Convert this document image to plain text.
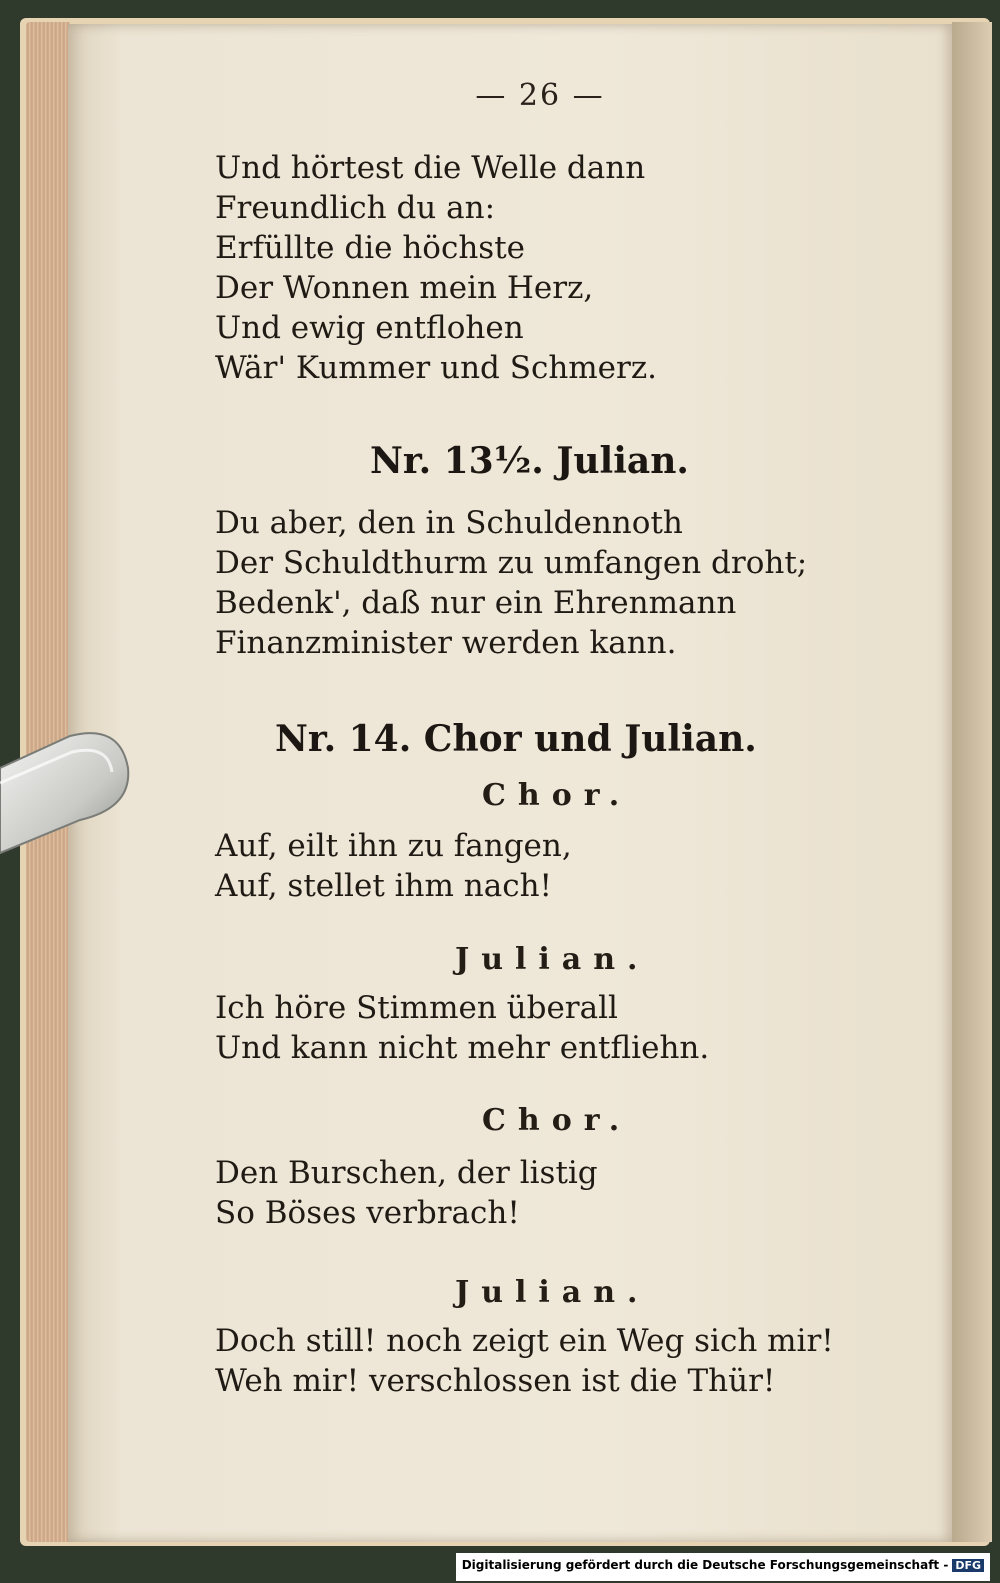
— 26 —
Und hörtest die Welle dann
Freundlich du an:
Erfüllte die höchste
Der Wonnen mein Herz,
Und ewig entflohen
Wär' Kummer und Schmerz.
Nr. 13½. Julian.
Du aber, den in Schuldennoth
Der Schuldthurm zu umfangen droht;
Bedenk', daß nur ein Ehrenmann
Finanzminister werden kann.
Nr. 14. Chor und Julian.
Chor.
Auf, eilt ihn zu fangen,
Auf, stellet ihm nach!
Julian.
Ich höre Stimmen überall
Und kann nicht mehr entfliehn.
Chor.
Den Burschen, der listig
So Böses verbrach!
Julian.
Doch still! noch zeigt ein Weg sich mir!
Weh mir! verschlossen ist die Thür!
Digitalisierung gefördert durch die Deutsche Forschungsgemeinschaft - DFG
